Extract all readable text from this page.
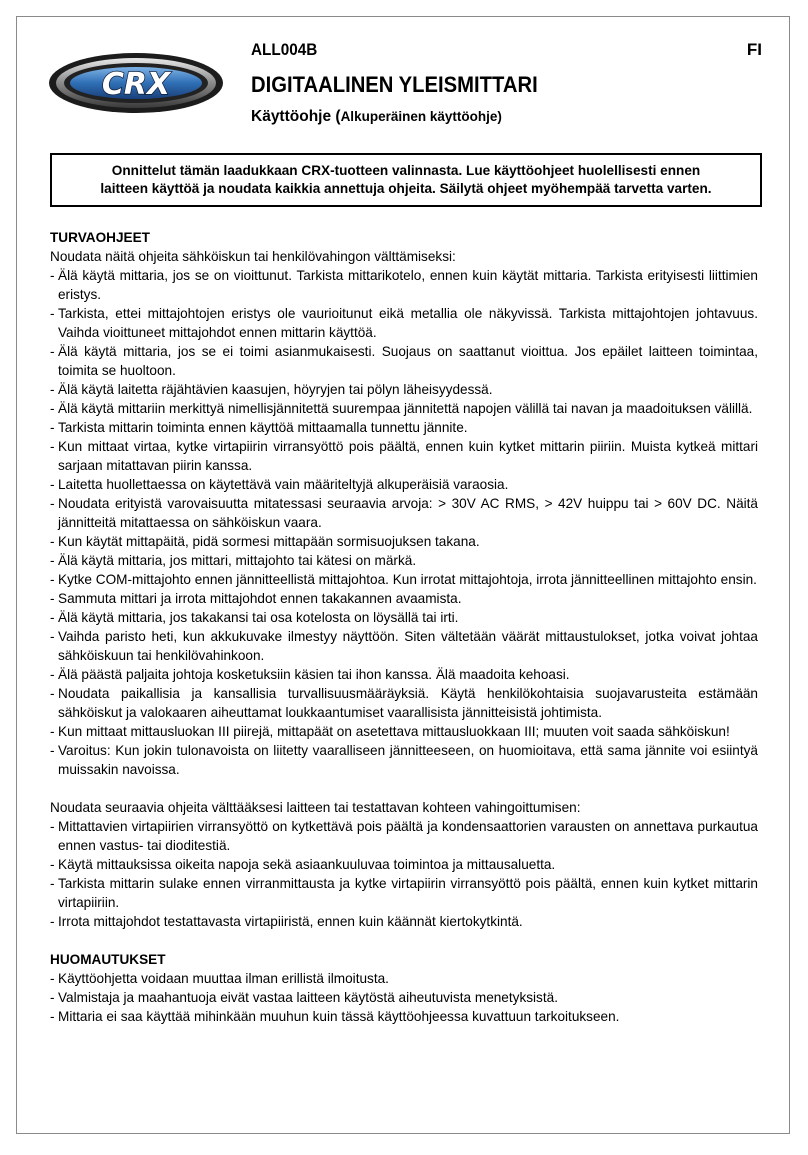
CRX
ALL004B	FI
DIGITAALINEN YLEISMITTARI
Käyttöohje (Alkuperäinen käyttöohje)
Onnittelut tämän laadukkaan CRX-tuotteen valinnasta. Lue käyttöohjeet huolellisesti ennen
laitteen käyttöä ja noudata kaikkia annettuja ohjeita. Säilytä ohjeet myöhempää tarvetta varten.
TURVAOHJEET

Noudata näitä ohjeita sähköiskun tai henkilövahingon välttämiseksi:

- Älä käytä mittaria, jos se on vioittunut. Tarkista mittarikotelo, ennen kuin käytät mittaria. Tarkista erityisesti liittimien eristys.
- Tarkista, ettei mittajohtojen eristys ole vaurioitunut eikä metallia ole näkyvissä. Tarkista mittajohtojen johtavuus. Vaihda vioittuneet mittajohdot ennen mittarin käyttöä.
- Älä käytä mittaria, jos se ei toimi asianmukaisesti. Suojaus on saattanut vioittua. Jos epäilet laitteen toimintaa, toimita se huoltoon.
- Älä käytä laitetta räjähtävien kaasujen, höyryjen tai pölyn läheisyydessä.
- Älä käytä mittariin merkittyä nimellisjännitettä suurempaa jännitettä napojen välillä tai navan ja maadoituksen välillä.
- Tarkista mittarin toiminta ennen käyttöä mittaamalla tunnettu jännite.
- Kun mittaat virtaa, kytke virtapiirin virransyöttö pois päältä, ennen kuin kytket mittarin piiriin. Muista kytkeä mittari sarjaan mitattavan piirin kanssa.
- Laitetta huollettaessa on käytettävä vain määriteltyjä alkuperäisiä varaosia.
- Noudata erityistä varovaisuutta mitatessasi seuraavia arvoja: > 30V AC RMS, > 42V huippu tai > 60V DC. Näitä jännitteitä mitattaessa on sähköiskun vaara.
- Kun käytät mittapäitä, pidä sormesi mittapään sormisuojuksen takana.
- Älä käytä mittaria, jos mittari, mittajohto tai kätesi on märkä.
- Kytke COM-mittajohto ennen jännitteellistä mittajohtoa. Kun irrotat mittajohtoja, irrota jännitteellinen mittajohto ensin.
- Sammuta mittari ja irrota mittajohdot ennen takakannen avaamista.
- Älä käytä mittaria, jos takakansi tai osa kotelosta on löysällä tai irti.
- Vaihda paristo heti, kun akkukuvake ilmestyy näyttöön. Siten vältetään väärät mittaustulokset, jotka voivat johtaa sähköiskuun tai henkilövahinkoon.
- Älä päästä paljaita johtoja kosketuksiin käsien tai ihon kanssa. Älä maadoita kehoasi.
- Noudata paikallisia ja kansallisia turvallisuusmääräyksiä. Käytä henkilökohtaisia suojavarusteita estämään sähköiskut ja valokaaren aiheuttamat loukkaantumiset vaarallisista jännitteisistä johtimista.
- Kun mittaat mittausluokan III piirejä, mittapäät on asetettava mittausluokkaan III; muuten voit saada sähköiskun!
- Varoitus: Kun jokin tulonavoista on liitetty vaaralliseen jännitteeseen, on huomioitava, että sama jännite voi esiintyä muissakin navoissa.

Noudata seuraavia ohjeita välttääksesi laitteen tai testattavan kohteen vahingoittumisen:

- Mittattavien virtapiirien virransyöttö on kytkettävä pois päältä ja kondensaattorien varausten on annettava purkautua ennen vastus- tai dioditestiä.
- Käytä mittauksissa oikeita napoja sekä asiaankuuluvaa toimintoa ja mittausaluetta.
- Tarkista mittarin sulake ennen virranmittausta ja kytke virtapiirin virransyöttö pois päältä, ennen kuin kytket mittarin virtapiiriin.
- Irrota mittajohdot testattavasta virtapiiristä, ennen kuin käännät kiertokytkintä.
HUOMAUTUKSET
- Käyttöohjetta voidaan muuttaa ilman erillistä ilmoitusta.
- Valmistaja ja maahantuoja eivät vastaa laitteen käytöstä aiheutuvista menetyksistä.
- Mittaria ei saa käyttää mihinkään muuhun kuin tässä käyttöohjeessa kuvattuun tarkoitukseen.
